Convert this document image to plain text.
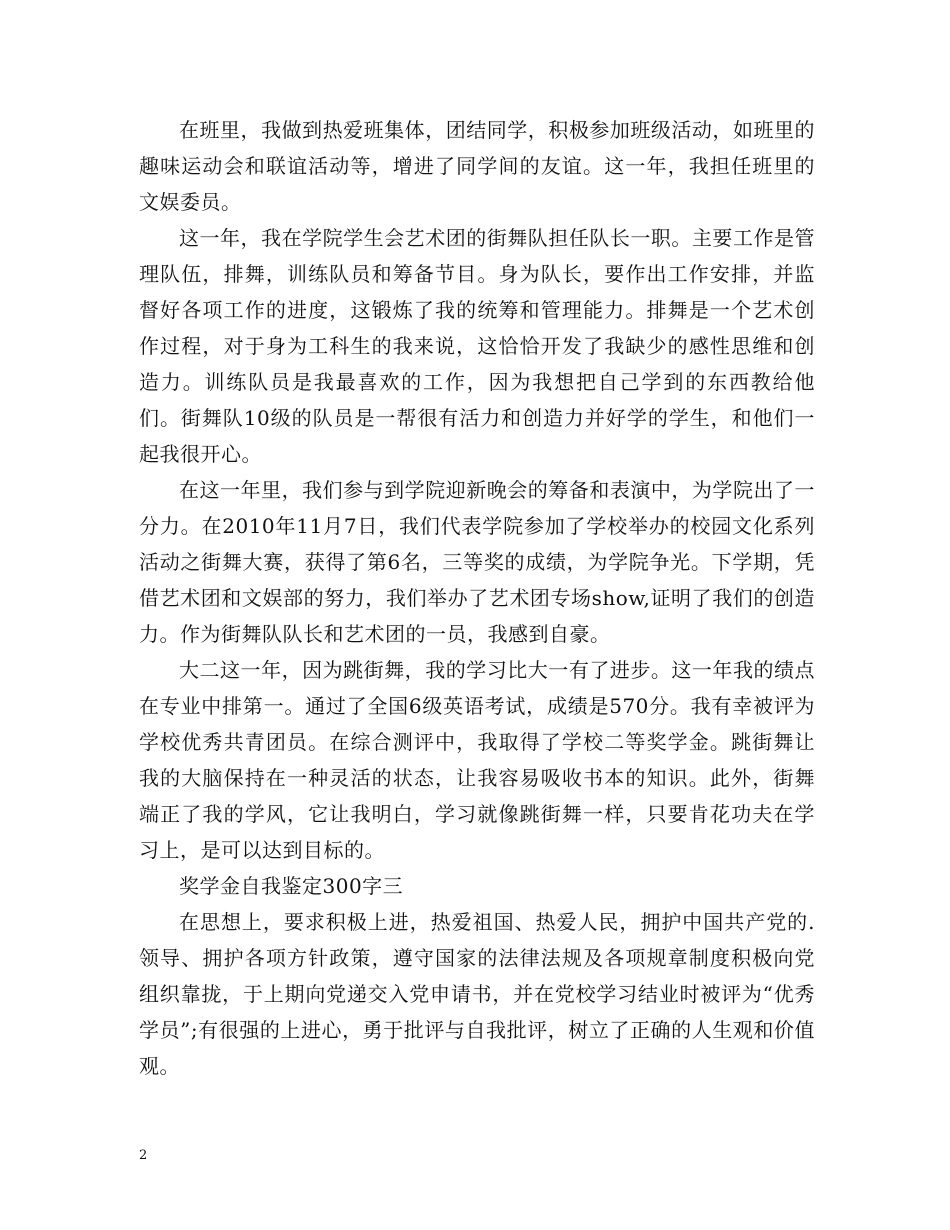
在班里，我做到热爱班集体，团结同学，积极参加班级活动，如班里的趣味运动会和联谊活动等，增进了同学间的友谊。这一年，我担任班里的文娱委员。

这一年，我在学院学生会艺术团的街舞队担任队长一职。主要工作是管理队伍，排舞，训练队员和筹备节目。身为队长，要作出工作安排，并监督好各项工作的进度，这锻炼了我的统筹和管理能力。排舞是一个艺术创作过程，对于身为工科生的我来说，这恰恰开发了我缺少的感性思维和创造力。训练队员是我最喜欢的工作，因为我想把自己学到的东西教给他们。街舞队10级的队员是一帮很有活力和创造力并好学的学生，和他们一起我很开心。

在这一年里，我们参与到学院迎新晚会的筹备和表演中，为学院出了一分力。在2010年11月7日，我们代表学院参加了学校举办的校园文化系列活动之街舞大赛，获得了第6名，三等奖的成绩，为学院争光。下学期，凭借艺术团和文娱部的努力，我们举办了艺术团专场show,证明了我们的创造力。作为街舞队队长和艺术团的一员，我感到自豪。

大二这一年，因为跳街舞，我的学习比大一有了进步。这一年我的绩点在专业中排第一。通过了全国6级英语考试，成绩是570分。我有幸被评为学校优秀共青团员。在综合测评中，我取得了学校二等奖学金。跳街舞让我的大脑保持在一种灵活的状态，让我容易吸收书本的知识。此外，街舞端正了我的学风，它让我明白，学习就像跳街舞一样，只要肯花功夫在学习上，是可以达到目标的。

奖学金自我鉴定300字三

在思想上，要求积极上进，热爱祖国、热爱人民，拥护中国共产党的.领导、拥护各项方针政策，遵守国家的法律法规及各项规章制度积极向党组织靠拢，于上期向党递交入党申请书，并在党校学习结业时被评为“优秀学员”;有很强的上进心，勇于批评与自我批评，树立了正确的人生观和价值观。

2
